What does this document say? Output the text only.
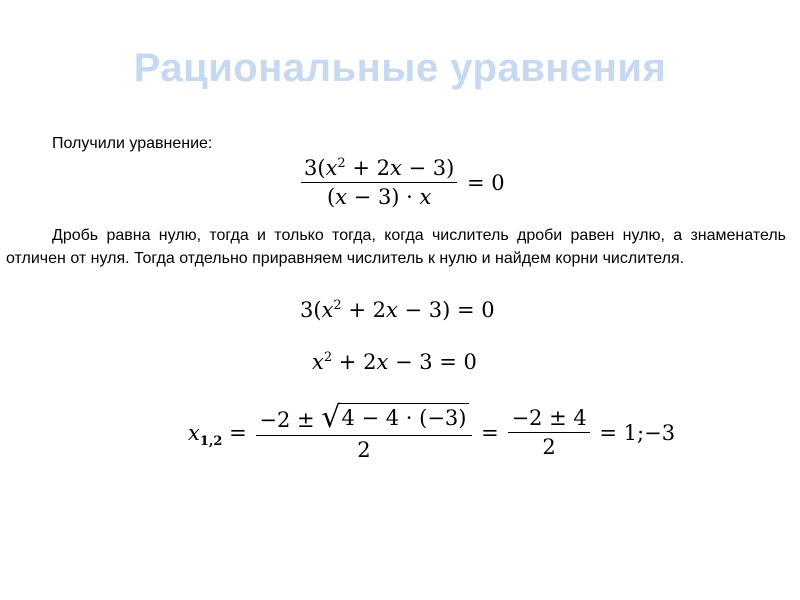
Рациональные уравнения
Получили уравнение:
$\frac{3(x^2 + 2x - 3)}{(x - 3) \cdot x} = 0$
Дробь равна нулю, тогда и только тогда, когда числитель дроби равен нулю, а знаменатель отличен от нуля. Тогда отдельно приравняем числитель к нулю и найдем корни числителя.
$3(x^2 + 2x - 3) = 0$
$x^2 + 2x - 3 = 0$
$x_{1,2} = \frac{-2 \pm √ 4 - 4 \cdot (-3)}{2} = \frac{-2 \pm 4}{2}$ = 1;−3
